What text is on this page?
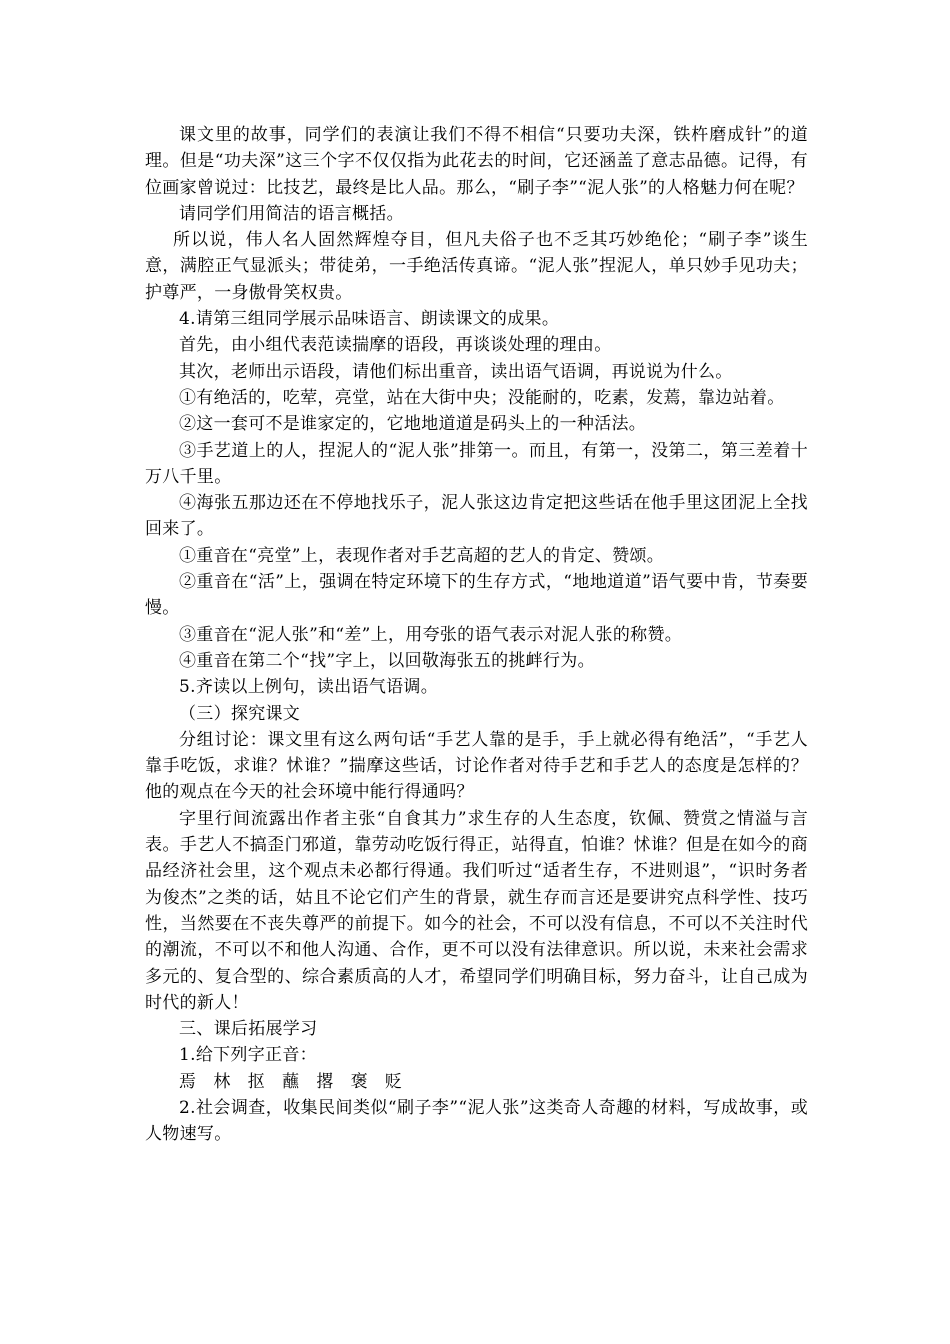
课文里的故事，同学们的表演让我们不得不相信“只要功夫深，铁杵磨成针”的道理。但是“功夫深”这三个字不仅仅指为此花去的时间，它还涵盖了意志品德。记得，有位画家曾说过：比技艺，最终是比人品。那么，“刷子李”“泥人张”的人格魅力何在呢？

请同学们用简洁的语言概括。

所以说，伟人名人固然辉煌夺目，但凡夫俗子也不乏其巧妙绝伦；“刷子李”谈生意，满腔正气显派头；带徒弟，一手绝活传真谛。“泥人张”捏泥人，单只妙手见功夫；护尊严，一身傲骨笑权贵。

4.请第三组同学展示品味语言、朗读课文的成果。

首先，由小组代表范读揣摩的语段，再谈谈处理的理由。

其次，老师出示语段，请他们标出重音，读出语气语调，再说说为什么。

①有绝活的，吃荤，亮堂，站在大街中央；没能耐的，吃素，发蔫，靠边站着。

②这一套可不是谁家定的，它地地道道是码头上的一种活法。

③手艺道上的人，捏泥人的“泥人张”排第一。而且，有第一，没第二，第三差着十万八千里。

④海张五那边还在不停地找乐子，泥人张这边肯定把这些话在他手里这团泥上全找回来了。

①重音在“亮堂”上，表现作者对手艺高超的艺人的肯定、赞颂。

②重音在“活”上，强调在特定环境下的生存方式，“地地道道”语气要中肯，节奏要慢。

③重音在“泥人张”和“差”上，用夸张的语气表示对泥人张的称赞。

④重音在第二个“找”字上，以回敬海张五的挑衅行为。

5.齐读以上例句，读出语气语调。

（三）探究课文

分组讨论：课文里有这么两句话“手艺人靠的是手，手上就必得有绝活”，“手艺人靠手吃饭，求谁？怵谁？”揣摩这些话，讨论作者对待手艺和手艺人的态度是怎样的？他的观点在今天的社会环境中能行得通吗？

字里行间流露出作者主张“自食其力”求生存的人生态度，钦佩、赞赏之情溢与言表。手艺人不搞歪门邪道，靠劳动吃饭行得正，站得直，怕谁？怵谁？但是在如今的商品经济社会里，这个观点未必都行得通。我们听过“适者生存，不进则退”，“识时务者为俊杰”之类的话，姑且不论它们产生的背景，就生存而言还是要讲究点科学性、技巧性，当然要在不丧失尊严的前提下。如今的社会，不可以没有信息，不可以不关注时代的潮流，不可以不和他人沟通、合作，更不可以没有法律意识。所以说，未来社会需求多元的、复合型的、综合素质高的人才，希望同学们明确目标，努力奋斗，让自己成为时代的新人！

三、课后拓展学习

1.给下列字正音：

焉 林 抠 蘸 撂 褒 贬

2.社会调查，收集民间类似“刷子李”“泥人张”这类奇人奇趣的材料，写成故事，或人物速写。
